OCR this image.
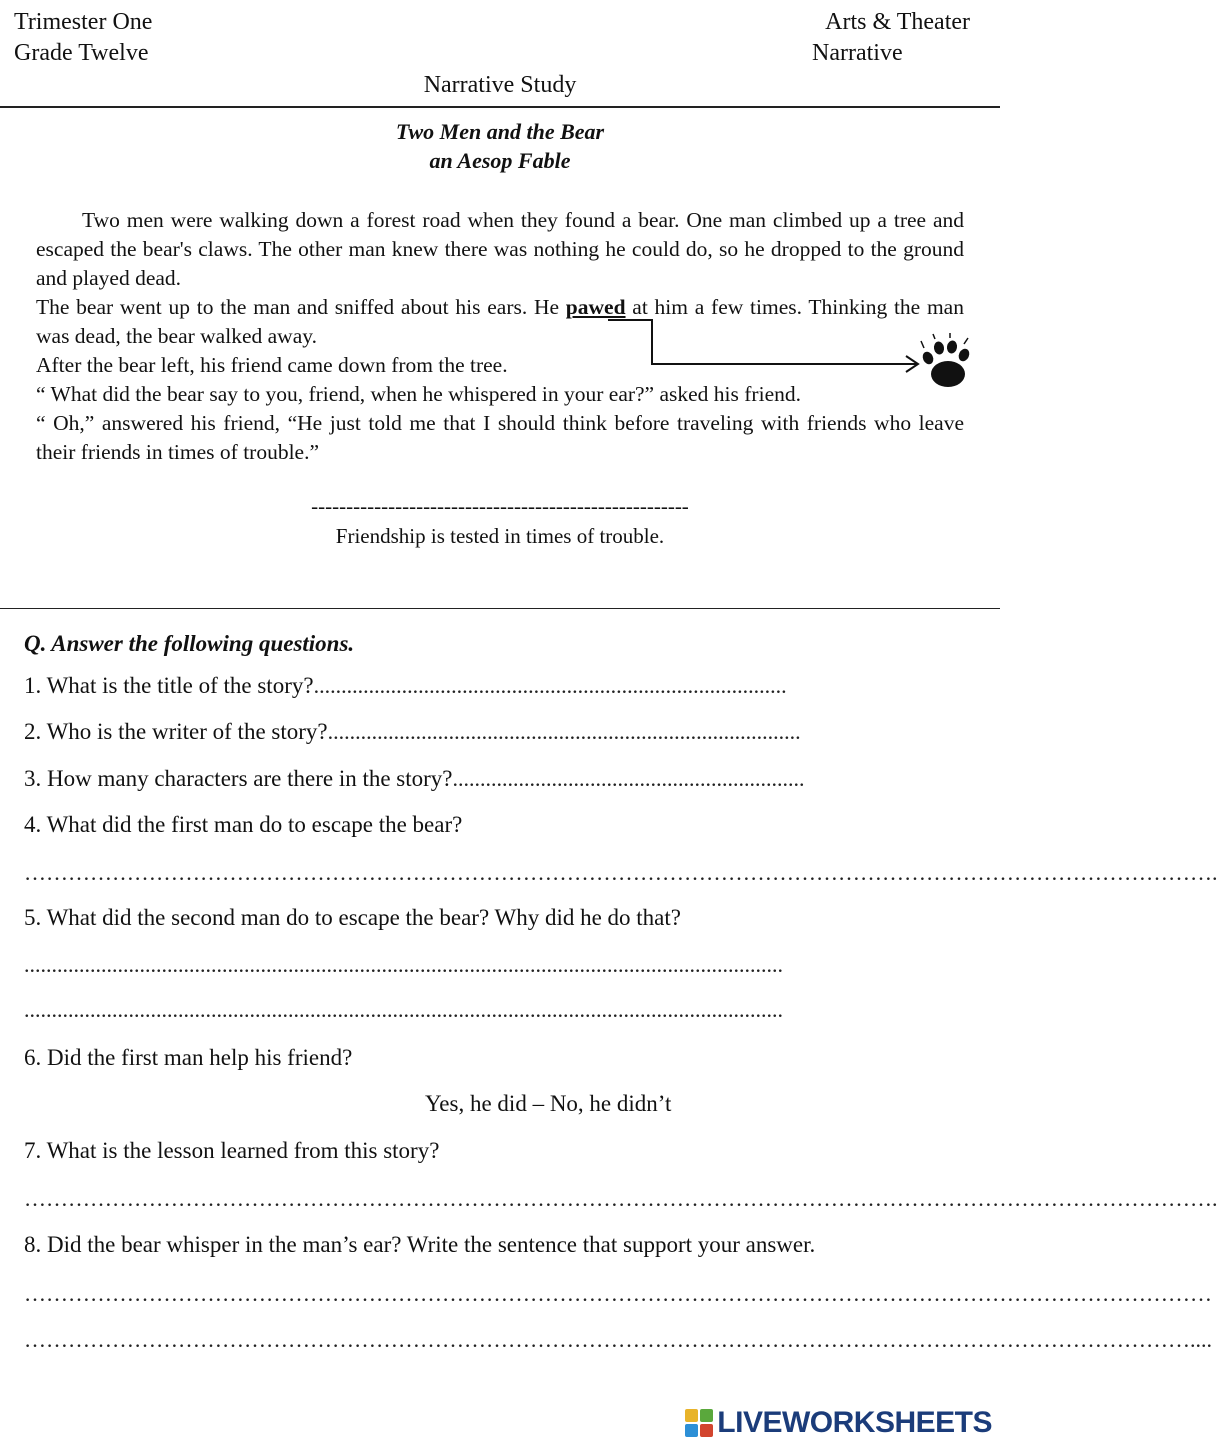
Trimester One
Grade Twelve
Arts & Theater
Narrative
Narrative Study
Two Men and the Bear
an Aesop Fable

Two men were walking down a forest road when they found a bear. One man climbed up a tree and escaped the bear's claws. The other man knew there was nothing he could do, so he dropped to the ground and played dead.

The bear went up to the man and sniffed about his ears. He pawed at him a few times. Thinking the man was dead, the bear walked away.

After the bear left, his friend came down from the tree.

“ What did the bear say to you, friend, when he whispered in your ear?” asked his friend.

“ Oh,” answered his friend, “He just told me that I should think before traveling with friends who leave their friends in times of trouble.”

------------------------------------------------------
Friendship is tested in times of trouble.
Q. Answer the following questions.
1. What is the title of the story?......................................................................................
2. Who is the writer of the story?......................................................................................
3. How many characters are there in the story?................................................................
4. What did the first man do to escape the bear?
……………………………………………………………………………………………………………………………………………….
5. What did the second man do to escape the bear? Why did he do that?
..........................................................................................................................................
..........................................................................................................................................
6. Did the first man help his friend?
Yes, he did – No, he didn’t
7. What is the lesson learned from this story?
……………………………………………………………………………………………………………………………………………….
8. Did the bear whisper in the man’s ear? Write the sentence that support your answer.
………………………………………………………………………………………………………………………………………………
……………………………………………………………………………………………………………………………………………....
LIVEWORKSHEETS
